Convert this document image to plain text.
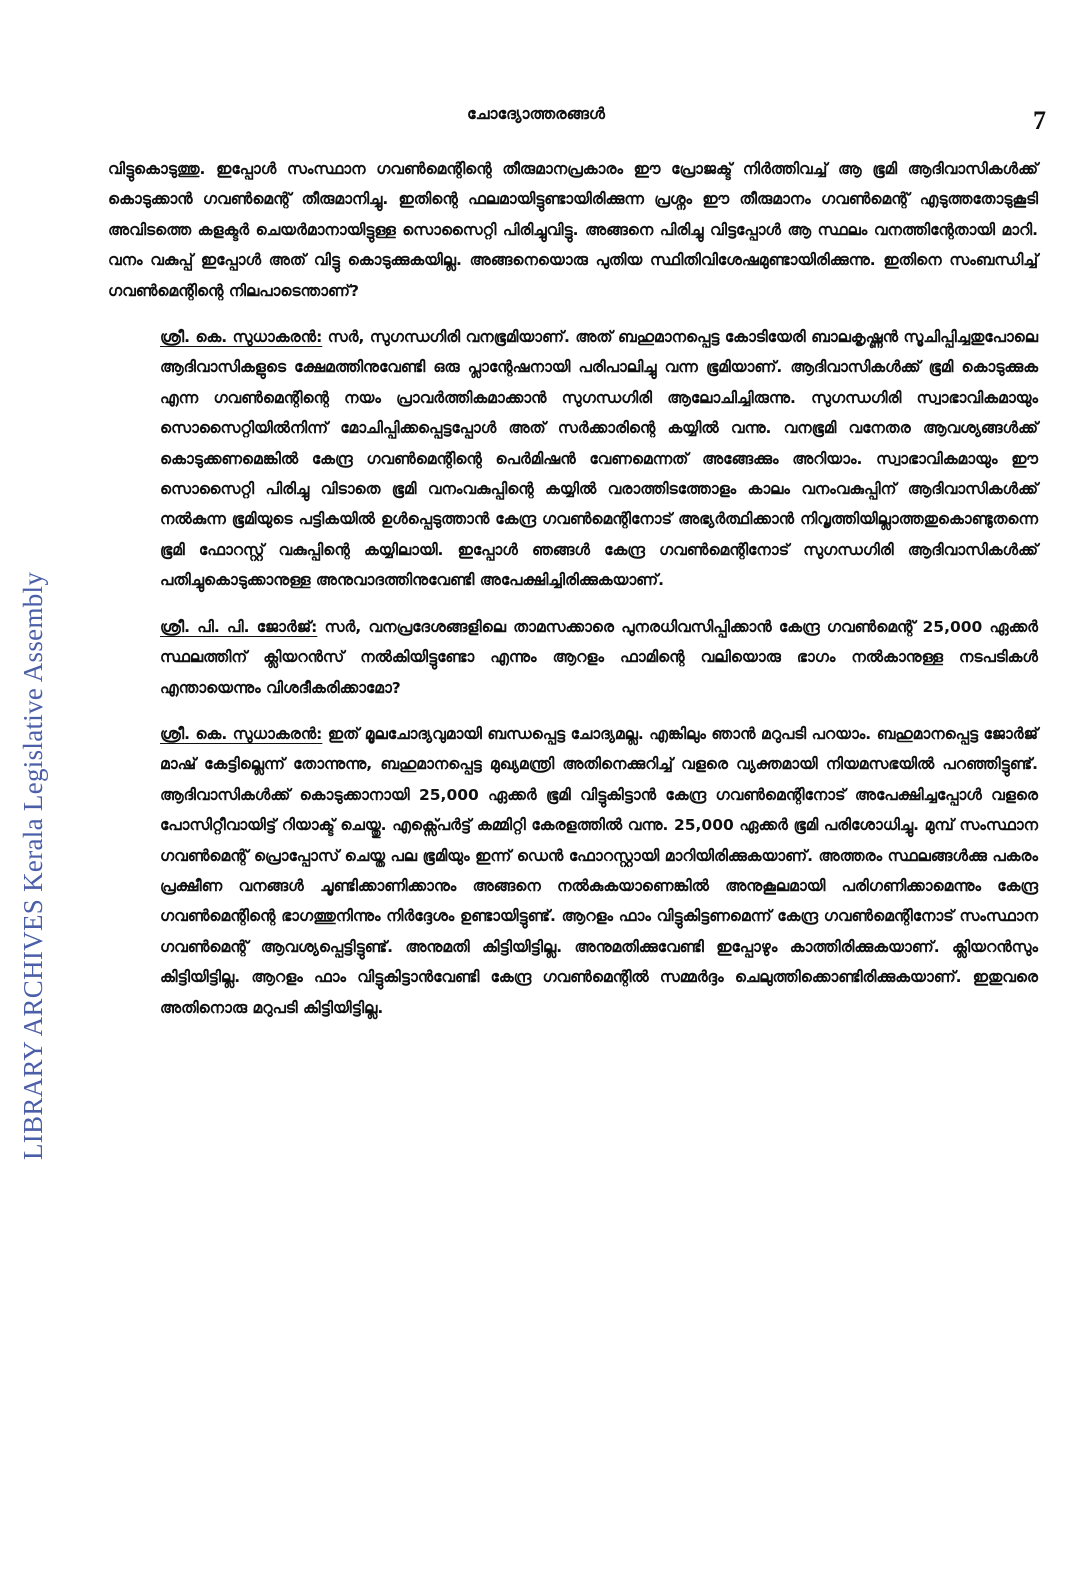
LIBRARY ARCHIVES Kerala Legislative Assembly
ചോദ്യോത്തരങ്ങൾ	7

വിട്ടുകൊടുത്തു. ഇപ്പോൾ സംസ്ഥാന ഗവൺമെന്റിന്റെ തീരുമാനപ്രകാരം ഈ പ്രോജക്ട് നിർത്തിവച്ച് ആ ഭൂമി ആദിവാസികൾക്ക് കൊടുക്കാൻ ഗവൺമെന്റ് തീരുമാനിച്ചു. ഇതിന്റെ ഫലമായിട്ടുണ്ടായിരിക്കുന്ന പ്രശ്നം ഈ തീരുമാനം ഗവൺമെന്റ് എടുത്തതോടുകൂടി അവിടത്തെ കളക്ടർ ചെയർമാനായിട്ടുള്ള സൊസൈറ്റി പിരിച്ചുവിട്ടു. അങ്ങനെ പിരിച്ചു വിട്ടപ്പോൾ ആ സ്ഥലം വനത്തിന്റേതായി മാറി. വനം വകുപ്പ് ഇപ്പോൾ അത് വിട്ടു കൊടുക്കുകയില്ല. അങ്ങനെയൊരു പുതിയ സ്ഥിതിവിശേഷമുണ്ടായിരിക്കുന്നു. ഇതിനെ സംബന്ധിച്ച് ഗവൺമെന്റിന്റെ നിലപാടെന്താണ്?

ശ്രീ. കെ. സുധാകരൻ: സർ, സുഗന്ധഗിരി വനഭൂമിയാണ്. അത് ബഹുമാനപ്പെട്ട കോടിയേരി ബാലകൃഷ്ണൻ സൂചിപ്പിച്ചതുപോലെ ആദിവാസികളുടെ ക്ഷേമത്തിനുവേണ്ടി ഒരു പ്ലാന്റേഷനായി പരിപാലിച്ചു വന്ന ഭൂമിയാണ്. ആദിവാസികൾക്ക് ഭൂമി കൊടുക്കുക എന്ന ഗവൺമെന്റിന്റെ നയം പ്രാവർത്തികമാക്കാൻ സുഗന്ധഗിരി ആലോചിച്ചിരുന്നു. സുഗന്ധഗിരി സ്വാഭാവികമായും സൊസൈറ്റിയിൽനിന്ന് മോചിപ്പിക്കപ്പെട്ടപ്പോൾ അത് സർക്കാരിന്റെ കയ്യിൽ വന്നു. വനഭൂമി വനേതര ആവശ്യങ്ങൾക്ക് കൊടുക്കണമെങ്കിൽ കേന്ദ്ര ഗവൺമെന്റിന്റെ പെർമിഷൻ വേണമെന്നത് അങ്ങേക്കും അറിയാം. സ്വാഭാവികമായും ഈ സൊസൈറ്റി പിരിച്ചു വിടാതെ ഭൂമി വനംവകുപ്പിന്റെ കയ്യിൽ വരാത്തിടത്തോളം കാലം വനംവകുപ്പിന് ആദിവാസികൾക്ക് നൽകുന്ന ഭൂമിയുടെ പട്ടികയിൽ ഉൾപ്പെടുത്താൻ കേന്ദ്ര ഗവൺമെന്റിനോട് അഭ്യർത്ഥിക്കാൻ നിവൃത്തിയില്ലാത്തതുകൊണ്ടുതന്നെ ഭൂമി ഫോറസ്റ്റ് വകുപ്പിന്റെ കയ്യിലായി. ഇപ്പോൾ ഞങ്ങൾ കേന്ദ്ര ഗവൺമെന്റിനോട് സുഗന്ധഗിരി ആദിവാസികൾക്ക് പതിച്ചുകൊടുക്കാനുള്ള അനുവാദത്തിനുവേണ്ടി അപേക്ഷിച്ചിരിക്കുകയാണ്.

ശ്രീ. പി. പി. ജോർജ്: സർ, വനപ്രദേശങ്ങളിലെ താമസക്കാരെ പുനരധിവസിപ്പിക്കാൻ കേന്ദ്ര ഗവൺമെന്റ് 25,000 ഏക്കർ സ്ഥലത്തിന് ക്ലിയറൻസ് നൽകിയിട്ടുണ്ടോ എന്നും ആറളം ഫാമിന്റെ വലിയൊരു ഭാഗം നൽകാനുള്ള നടപടികൾ എന്തായെന്നും വിശദീകരിക്കാമോ?

ശ്രീ. കെ. സുധാകരൻ: ഇത് മൂലചോദ്യവുമായി ബന്ധപ്പെട്ട ചോദ്യമല്ല. എങ്കിലും ഞാൻ മറുപടി പറയാം. ബഹുമാനപ്പെട്ട ജോർജ് മാഷ് കേട്ടില്ലെന്ന് തോന്നുന്നു, ബഹുമാനപ്പെട്ട മുഖ്യമന്ത്രി അതിനെക്കുറിച്ച് വളരെ വ്യക്തമായി നിയമസഭയിൽ പറഞ്ഞിട്ടുണ്ട്. ആദിവാസികൾക്ക് കൊടുക്കാനായി 25,000 ഏക്കർ ഭൂമി വിട്ടുകിട്ടാൻ കേന്ദ്ര ഗവൺമെന്റിനോട് അപേക്ഷിച്ചപ്പോൾ വളരെ പോസിറ്റീവായിട്ട് റിയാക്ട് ചെയ്തു. എക്സ്പെർട്ട് കമ്മിറ്റി കേരളത്തിൽ വന്നു. 25,000 ഏക്കർ ഭൂമി പരിശോധിച്ചു. മുമ്പ് സംസ്ഥാന ഗവൺമെന്റ് പ്രൊപ്പോസ് ചെയ്ത പല ഭൂമിയും ഇന്ന് ഡെൻ ഫോറസ്റ്റായി മാറിയിരിക്കുകയാണ്. അത്തരം സ്ഥലങ്ങൾക്കു പകരം പ്രക്ഷീണ വനങ്ങൾ ചൂണ്ടിക്കാണിക്കാനും അങ്ങനെ നൽകുകയാണെങ്കിൽ അനുകൂലമായി പരിഗണിക്കാമെന്നും കേന്ദ്ര ഗവൺമെന്റിന്റെ ഭാഗത്തുനിന്നും നിർദ്ദേശം ഉണ്ടായിട്ടുണ്ട്. ആറളം ഫാം വിട്ടുകിട്ടണമെന്ന് കേന്ദ്ര ഗവൺമെന്റിനോട് സംസ്ഥാന ഗവൺമെന്റ് ആവശ്യപ്പെട്ടിട്ടുണ്ട്. അനുമതി കിട്ടിയിട്ടില്ല. അനുമതിക്കുവേണ്ടി ഇപ്പോഴും കാത്തിരിക്കുകയാണ്. ക്ലിയറൻസും കിട്ടിയിട്ടില്ല. ആറളം ഫാം വിട്ടുകിട്ടാൻവേണ്ടി കേന്ദ്ര ഗവൺമെന്റിൽ സമ്മർദ്ദം ചെലുത്തിക്കൊണ്ടിരിക്കുകയാണ്. ഇതുവരെ അതിനൊരു മറുപടി കിട്ടിയിട്ടില്ല.
